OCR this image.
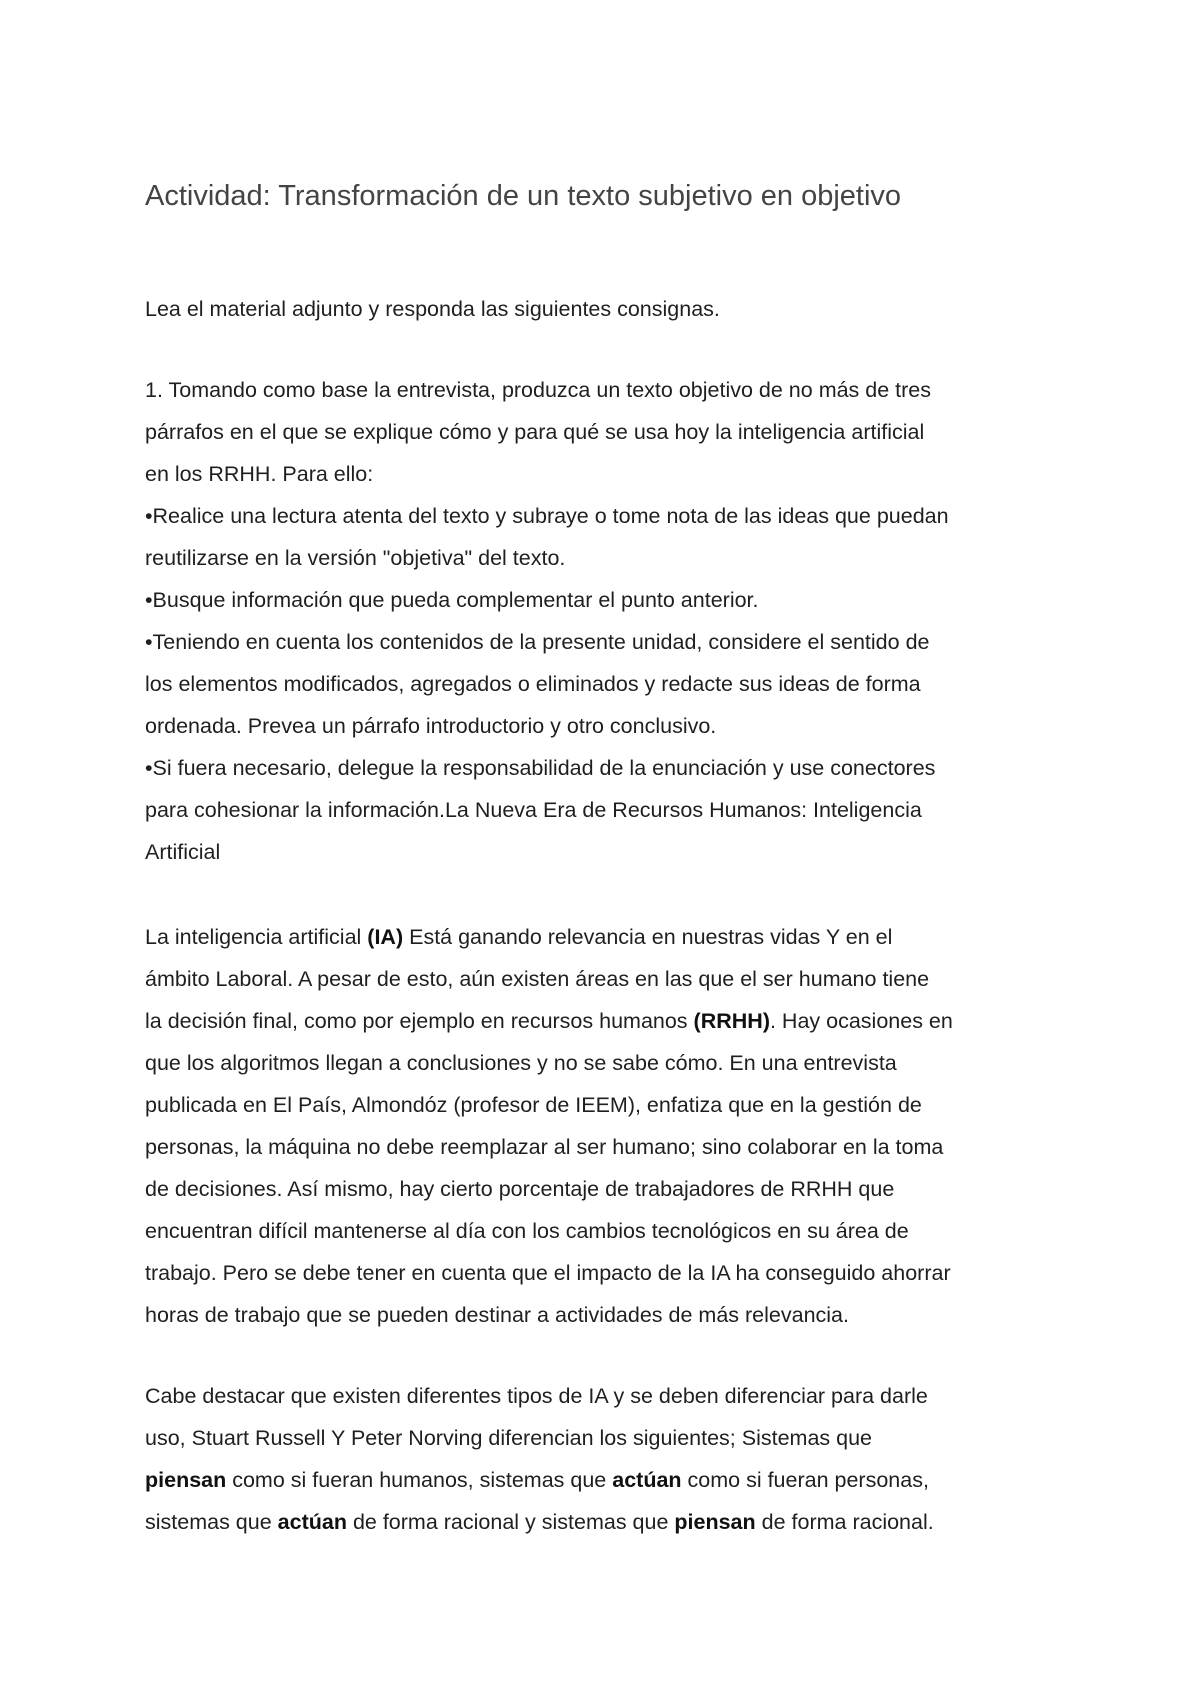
Actividad: Transformación de un texto subjetivo en objetivo
Lea el material adjunto y responda las siguientes consignas.
1. Tomando como base la entrevista, produzca un texto objetivo de no más de tres
párrafos en el que se explique cómo y para qué se usa hoy la inteligencia artificial
en los RRHH. Para ello:
•Realice una lectura atenta del texto y subraye o tome nota de las ideas que puedan
reutilizarse en la versión "objetiva" del texto.
•Busque información que pueda complementar el punto anterior.
•Teniendo en cuenta los contenidos de la presente unidad, considere el sentido de
los elementos modificados, agregados o eliminados y redacte sus ideas de forma
ordenada. Prevea un párrafo introductorio y otro conclusivo.
•Si fuera necesario, delegue la responsabilidad de la enunciación y use conectores
para cohesionar la información.La Nueva Era de Recursos Humanos: Inteligencia
Artificial
La inteligencia artificial (IA) Está ganando relevancia en nuestras vidas Y en el
ámbito Laboral. A pesar de esto, aún existen áreas en las que el ser humano tiene
la decisión final, como por ejemplo en recursos humanos (RRHH). Hay ocasiones en
que los algoritmos llegan a conclusiones y no se sabe cómo. En una entrevista
publicada en El País, Almondóz (profesor de IEEM), enfatiza que en la gestión de
personas, la máquina no debe reemplazar al ser humano; sino colaborar en la toma
de decisiones. Así mismo, hay cierto porcentaje de trabajadores de RRHH que
encuentran difícil mantenerse al día con los cambios tecnológicos en su área de
trabajo. Pero se debe tener en cuenta que el impacto de la IA ha conseguido ahorrar
horas de trabajo que se pueden destinar a actividades de más relevancia.
Cabe destacar que existen diferentes tipos de IA y se deben diferenciar para darle
uso, Stuart Russell Y Peter Norving diferencian los siguientes; Sistemas que
piensan como si fueran humanos, sistemas que actúan como si fueran personas,
sistemas que actúan de forma racional y sistemas que piensan de forma racional.
